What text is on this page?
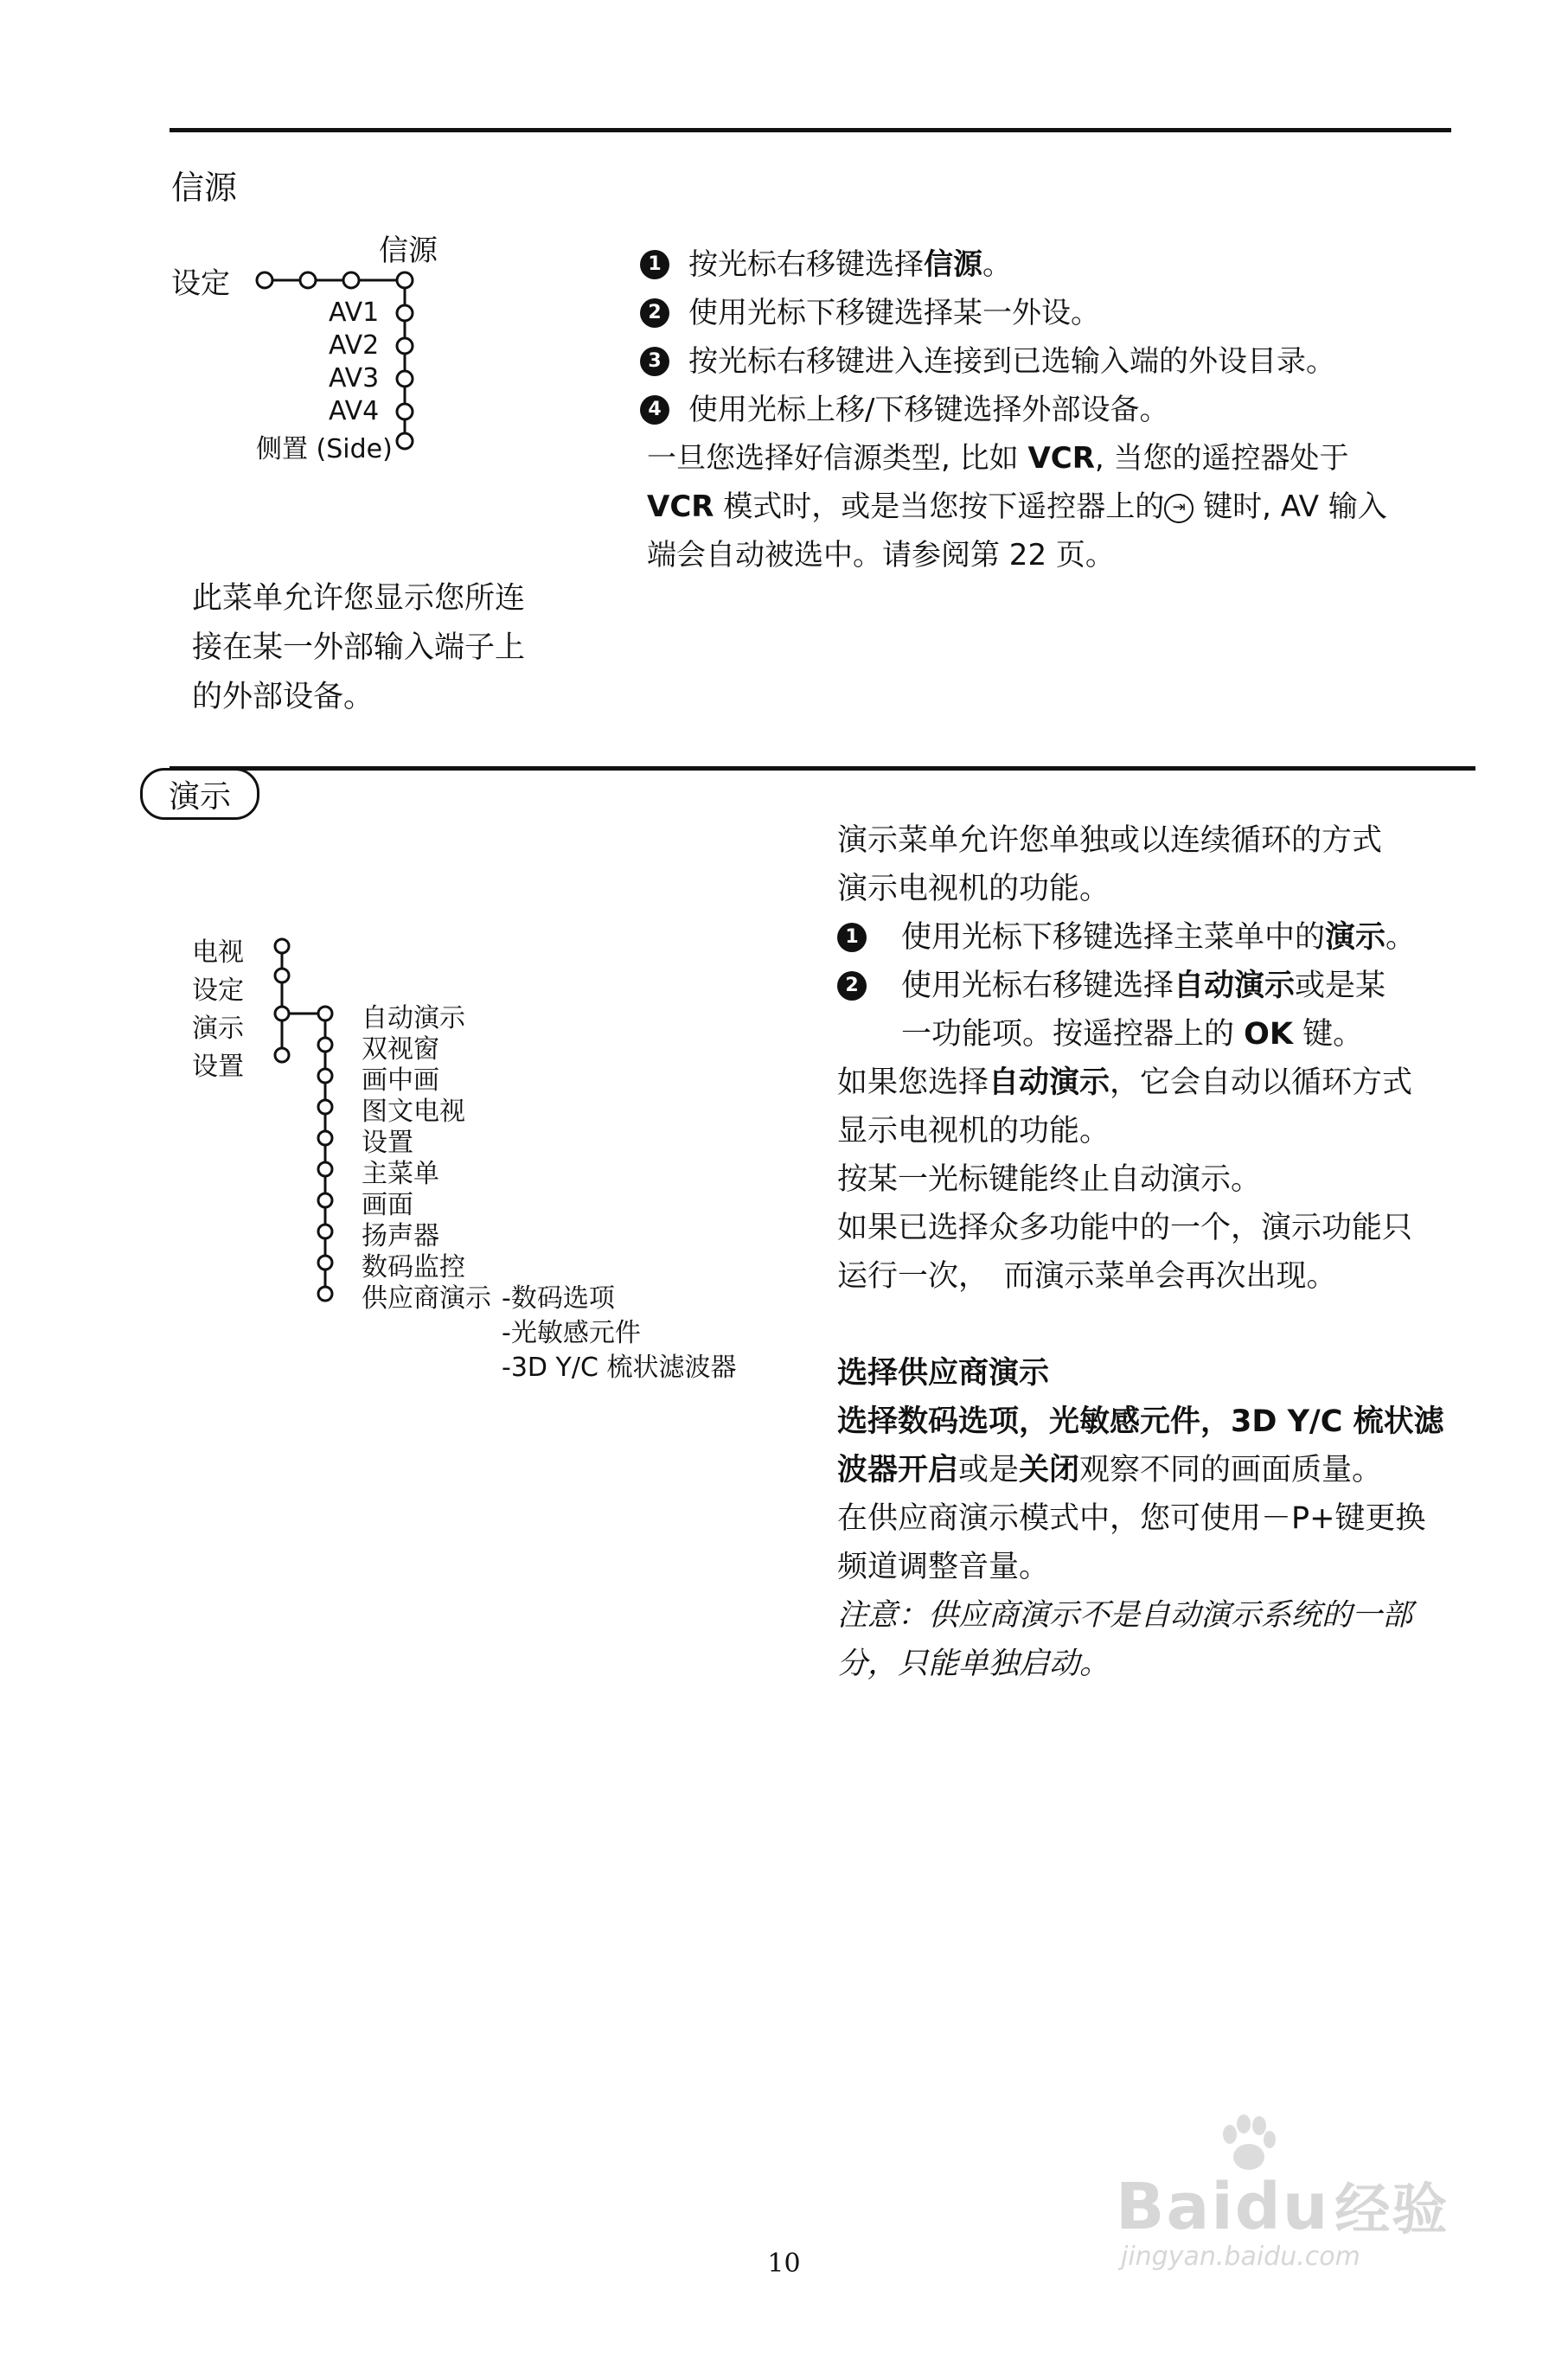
信源
设定
信源
AV1
AV2
AV3
AV4
侧置 (Side)
此菜单允许您显示您所连
接在某一外部输入端子上
的外部设备。
1 按光标右移键选择信源。
2 使用光标下移键选择某一外设。
3 按光标右移键进入连接到已选输入端的外设目录。
4 使用光标上移/下移键选择外部设备。
一旦您选择好信源类型, 比如 VCR, 当您的遥控器处于
VCR 模式时，或是当您按下遥控器上的 ⇥ 键时, AV 输入
端会自动被选中。请参阅第 22 页。
演示
电视
设定
演示
设置
自动演示
双视窗
画中画
图文电视
设置
主菜单
画面
扬声器
数码监控
供应商演示 -数码选项
-光敏感元件
-3D Y/C 梳状滤波器
演示菜单允许您单独或以连续循环的方式
演示电视机的功能。
1 使用光标下移键选择主菜单中的演示。
2 使用光标右移键选择自动演示或是某
一功能项。按遥控器上的 OK 键。
如果您选择自动演示，它会自动以循环方式
显示电视机的功能。
按某一光标键能终止自动演示。
如果已选择众多功能中的一个，演示功能只
运行一次，　而演示菜单会再次出现。
选择供应商演示
选择数码选项，光敏感元件，3D Y/C 梳状滤
波器开启或是关闭观察不同的画面质量。
在供应商演示模式中，您可使用－P+键更换
频道调整音量。
注意：供应商演示不是自动演示系统的一部
分，只能单独启动。
Baidu经验
jingyan.baidu.com
10
